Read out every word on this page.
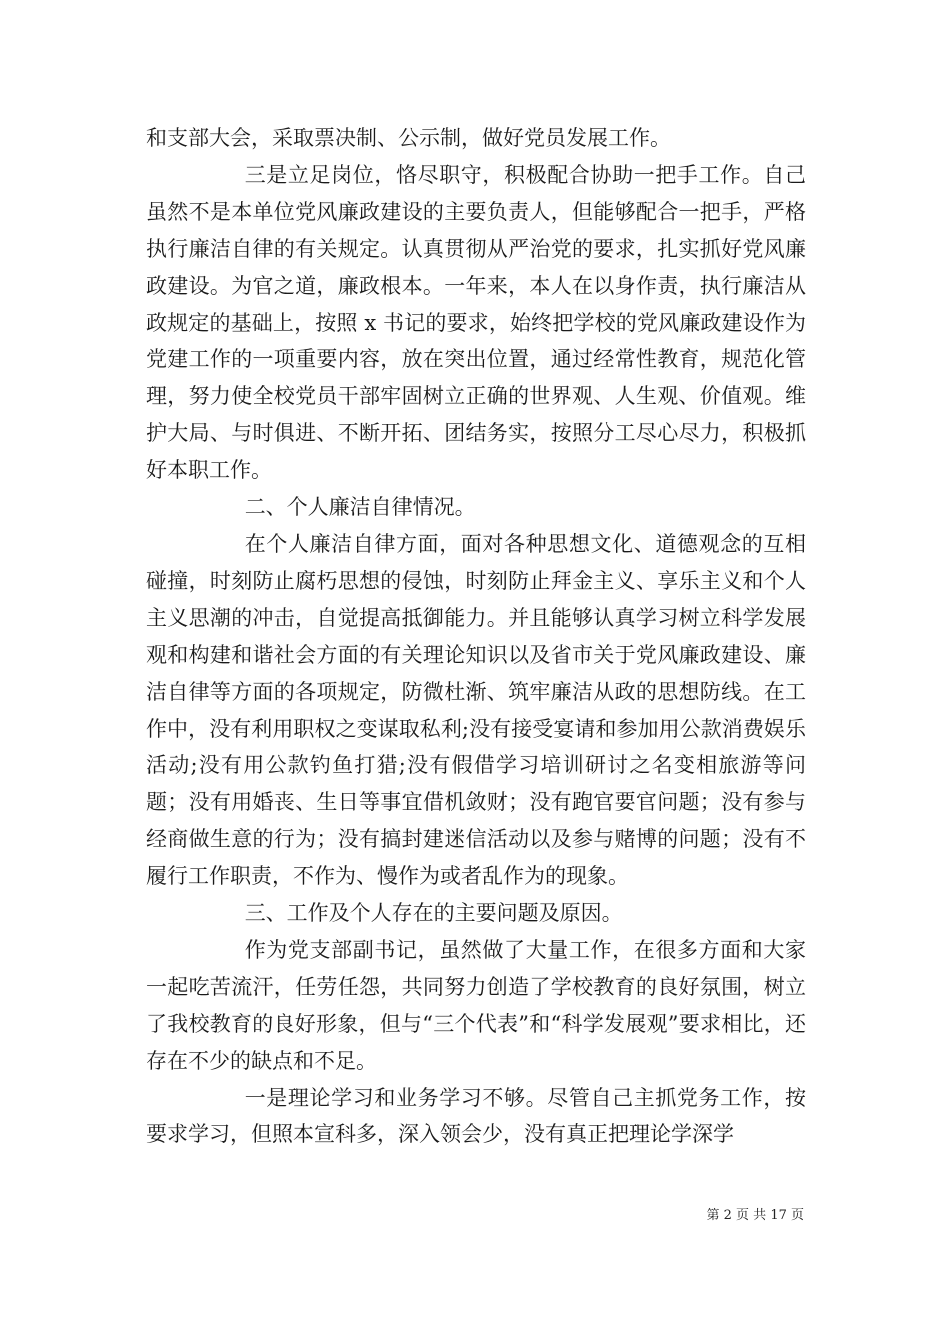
和支部大会，采取票决制、公示制，做好党员发展工作。

三是立足岗位，恪尽职守，积极配合协助一把手工作。自己虽然不是本单位党风廉政建设的主要负责人，但能够配合一把手，严格执行廉洁自律的有关规定。认真贯彻从严治党的要求，扎实抓好党风廉政建设。为官之道，廉政根本。一年来，本人在以身作责，执行廉洁从政规定的基础上，按照 x 书记的要求，始终把学校的党风廉政建设作为党建工作的一项重要内容，放在突出位置，通过经常性教育，规范化管理，努力使全校党员干部牢固树立正确的世界观、人生观、价值观。维护大局、与时俱进、不断开拓、团结务实，按照分工尽心尽力，积极抓好本职工作。

二、个人廉洁自律情况。

在个人廉洁自律方面，面对各种思想文化、道德观念的互相碰撞，时刻防止腐朽思想的侵蚀，时刻防止拜金主义、享乐主义和个人主义思潮的冲击，自觉提高抵御能力。并且能够认真学习树立科学发展观和构建和谐社会方面的有关理论知识以及省市关于党风廉政建设、廉洁自律等方面的各项规定，防微杜渐、筑牢廉洁从政的思想防线。在工作中，没有利用职权之变谋取私利;没有接受宴请和参加用公款消费娱乐活动;没有用公款钓鱼打猎;没有假借学习培训研讨之名变相旅游等问题；没有用婚丧、生日等事宜借机敛财；没有跑官要官问题；没有参与经商做生意的行为；没有搞封建迷信活动以及参与赌博的问题；没有不履行工作职责，不作为、慢作为或者乱作为的现象。

三、工作及个人存在的主要问题及原因。

作为党支部副书记，虽然做了大量工作，在很多方面和大家一起吃苦流汗，任劳任怨，共同努力创造了学校教育的良好氛围，树立了我校教育的良好形象，但与“三个代表”和“科学发展观”要求相比，还存在不少的缺点和不足。

一是理论学习和业务学习不够。尽管自己主抓党务工作，按要求学习，但照本宣科多，深入领会少，没有真正把理论学深学

第 2 页 共 17 页
